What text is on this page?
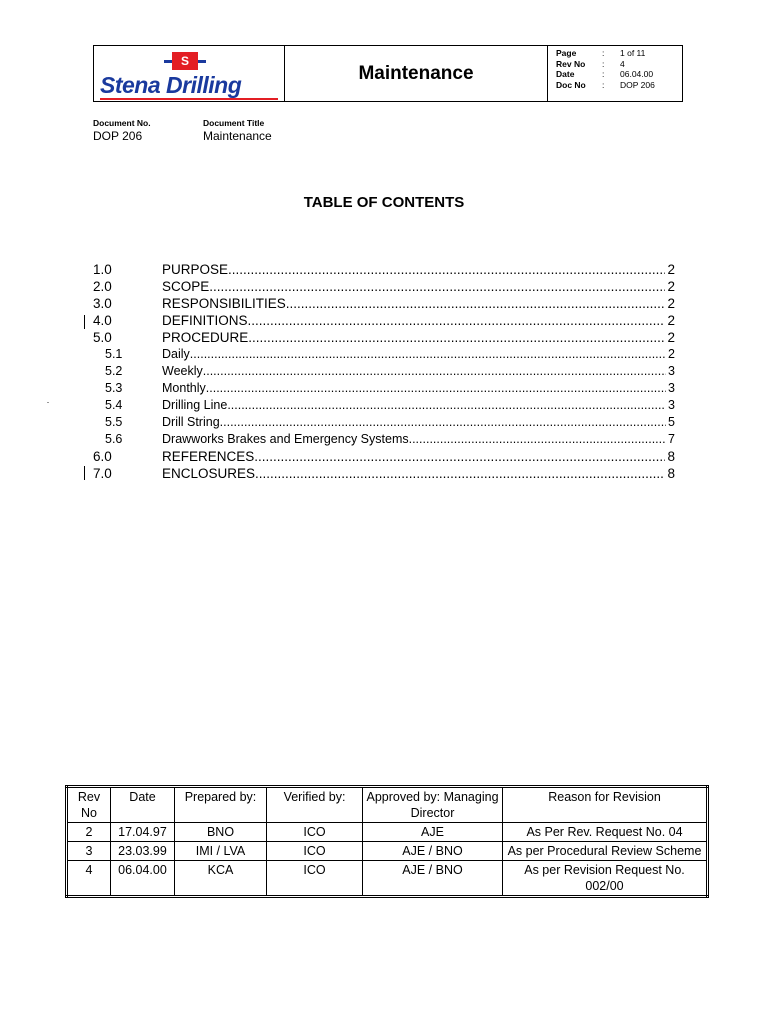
S
Stena Drilling	Maintenance
Page	:	1 of 11
Rev No	:	4
Date	:	06.04.00
Doc No	:	DOP 206
Document No.
DOP 206
Document Title
Maintenance
TABLE OF CONTENTS
1.0	PURPOSE .....	2
2.0	SCOPE .....	2
3.0	RESPONSIBILITIES .....	2
4.0	DEFINITIONS .....	2
5.0	PROCEDURE .....	2
5.1	Daily .....	2
5.2	Weekly .....	3
5.3	Monthly .....	3
5.4	Drilling Line .....	3
5.5	Drill String .....	5
5.6	Drawworks Brakes and Emergency Systems .....	7
6.0	REFERENCES .....	8
7.0	ENCLOSURES .....	8
Rev No	Date	Prepared by:	Verified by:	Approved by: Managing Director	Reason for Revision
2	17.04.97	BNO	ICO	AJE	As Per Rev. Request No. 04
3	23.03.99	IMI / LVA	ICO	AJE / BNO	As per Procedural Review Scheme
4	06.04.00	KCA	ICO	AJE / BNO	As per Revision Request No. 002/00
